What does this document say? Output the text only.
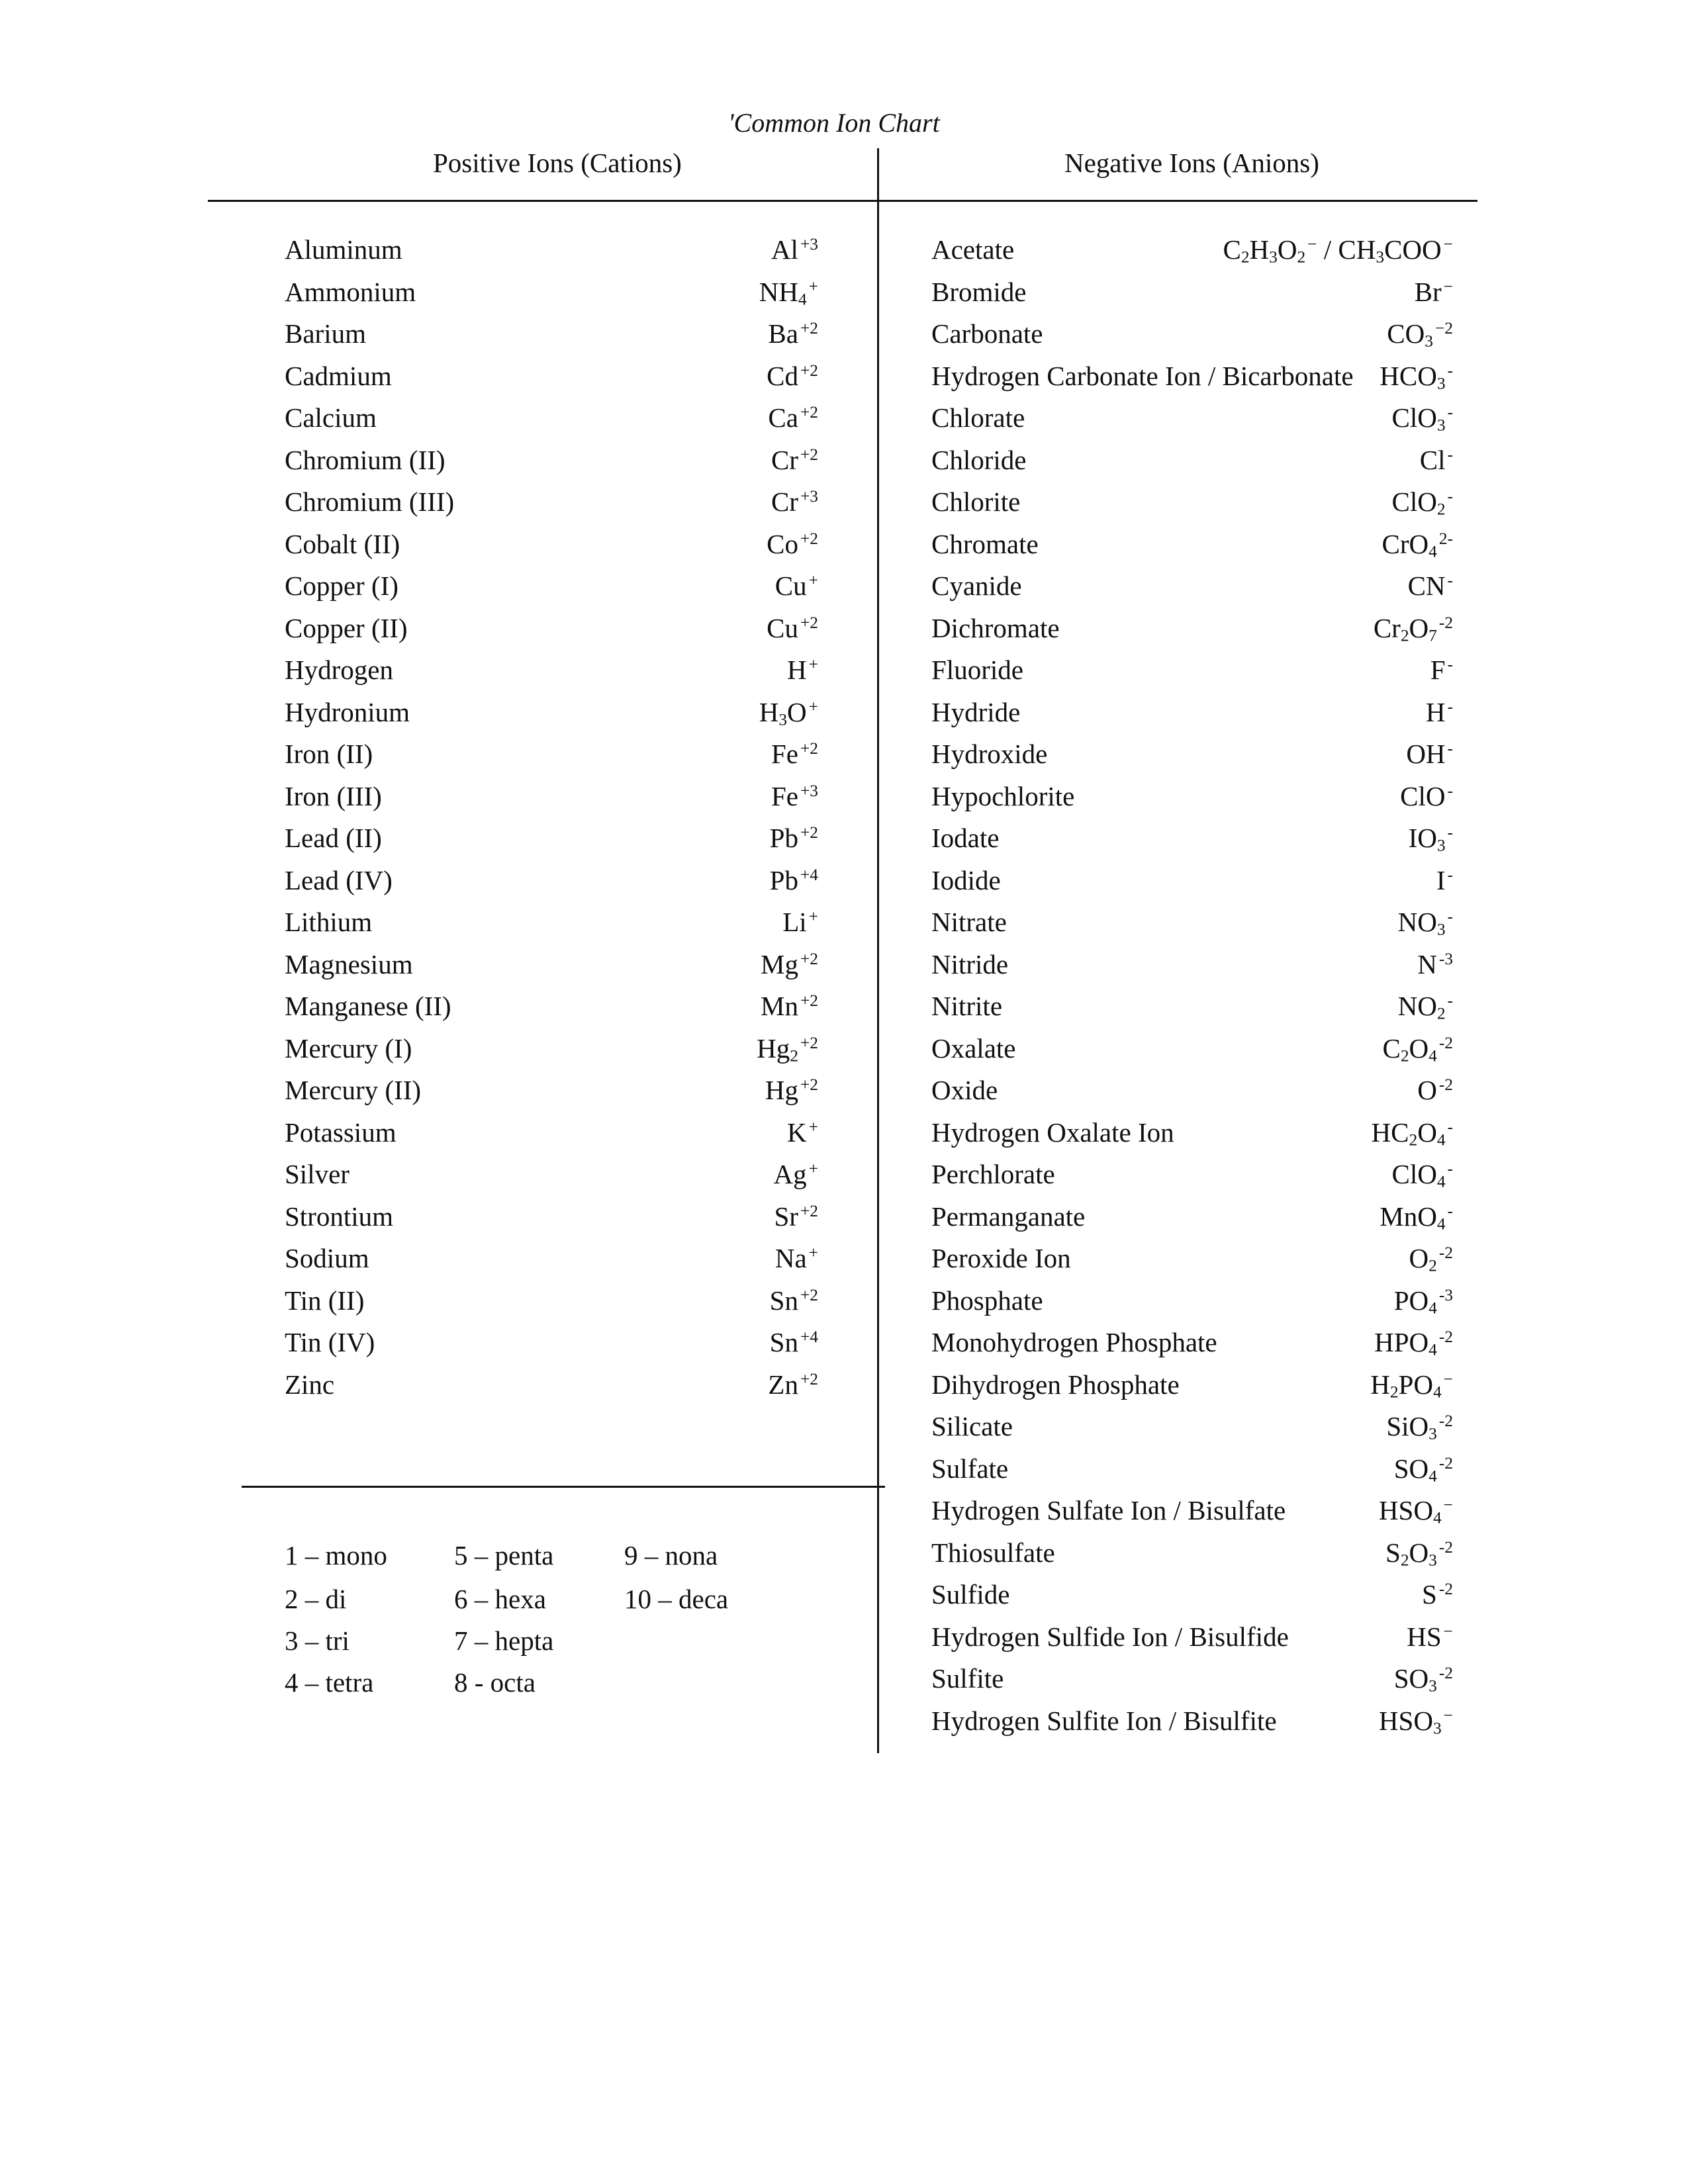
'Common Ion Chart
Positive Ions (Cations)	Negative Ions (Anions)
Aluminum	Al $^{+3}$
Ammonium	$NH_4^+$
Barium	Ba $^{+2}$
Cadmium	Cd $^{+2}$
Calcium	Ca $^{+2}$
Chromium (II)	Cr $^{+2}$
Chromium (III)	Cr $^{+3}$
Cobalt (II)	Co $^{+2}$
Copper (I)	Cu +
Copper (II)	Cu $^{+2}$
Hydrogen	H +
Hydronium	$H_3O$ +
Iron (II)	Fe $^{+2}$
Iron (III)	Fe $^{+3}$
Lead (II)	Pb $^{+2}$
Lead (IV)	Pb $^{+4}$
Lithium	Li +
Magnesium	Mg $^{+2}$
Manganese (II)	Mn $^{+2}$
Mercury (I)	$Hg_2^{+2}$
Mercury (II)	Hg $^{+2}$
Potassium	K +
Silver	Ag +
Strontium	Sr $^{+2}$
Sodium	Na +
Tin (II)	Sn $^{+2}$
Tin (IV)	Sn $^{+4}$
Zinc	Zn $^{+2}$
Acetate	$C_2H_3O_2^- / CH_3COO$ −
Bromide	Br −
Carbonate	$CO_3^{-2}$
Hydrogen Carbonate Ion / Bicarbonate $HCO_3^-$
Chlorate	ClO$_3$-
Chloride	Cl -
Chlorite	ClO$_2$-
Chromate	CrO$_4^{2-}$
Cyanide	CN -
Dichromate	$Cr_2O_7^{-2}$
Fluoride	F -
Hydride	H -
Hydroxide	OH -
Hypochlorite	ClO -
Iodate	$IO_3^-$
Iodide	I -
Nitrate	$NO_3^-$
Nitride	N $^{-3}$
Nitrite	$NO_2^-$
Oxalate	$C_2O_4^{-2}$
Oxide	O $^{-2}$
Hydrogen Oxalate Ion	$HC_2O_4^-$
Perchlorate	ClO$_4$-
Permanganate	MnO$_4$-
Peroxide Ion	$O_2^{-2}$
Phosphate	$PO_4^{-3}$
Monohydrogen Phosphate	$HPO_4^{-2}$
Dihydrogen Phosphate	$H_2PO_4^-$
Silicate	SiO$_3^{-2}$
Sulfate	$SO_4^{-2}$
Hydrogen Sulfate Ion / Bisulfate	$HSO_4^-$
Thiosulfate	$S_2O_3^{-2}$
Sulfide	S $^{-2}$
Hydrogen Sulfide Ion / Bisulfide	HS −
Sulfite	$SO_3^{-2}$
Hydrogen Sulfite Ion / Bisulfite	$HSO_3^-$
1 – mono
2 – di
3 – tri
4 – tetra
5 – penta
6 – hexa
7 – hepta
8 - octa
9 – nona
10 – deca
